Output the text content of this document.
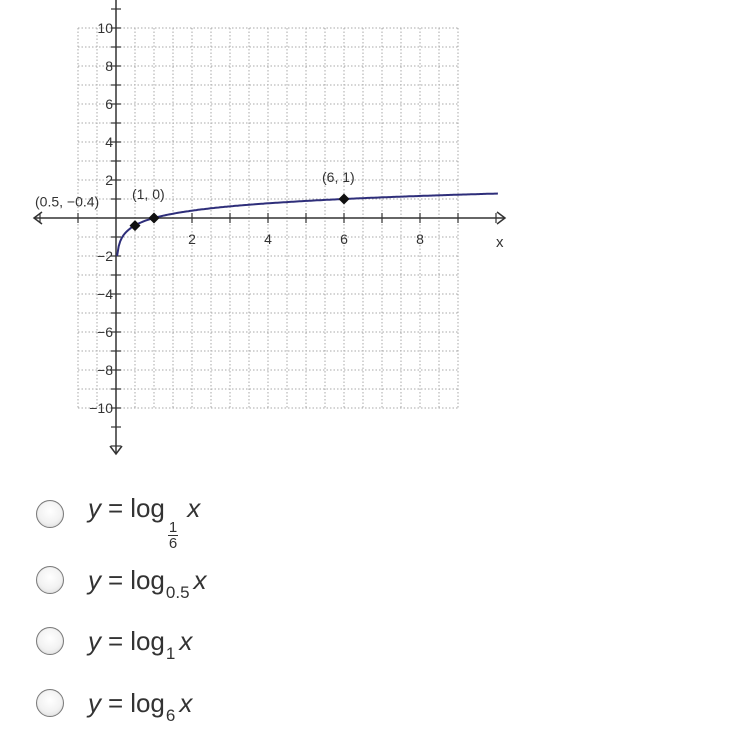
2	4	6	8
10
8
6
4
2
−2
−4
−6
−8
−10
(0.5, −0.4) (1, 0)
(6, 1)
x
y = log
$\frac{1}{6}$
x
y = log 0.5 x
y = log 1 x
y = log 6 x
